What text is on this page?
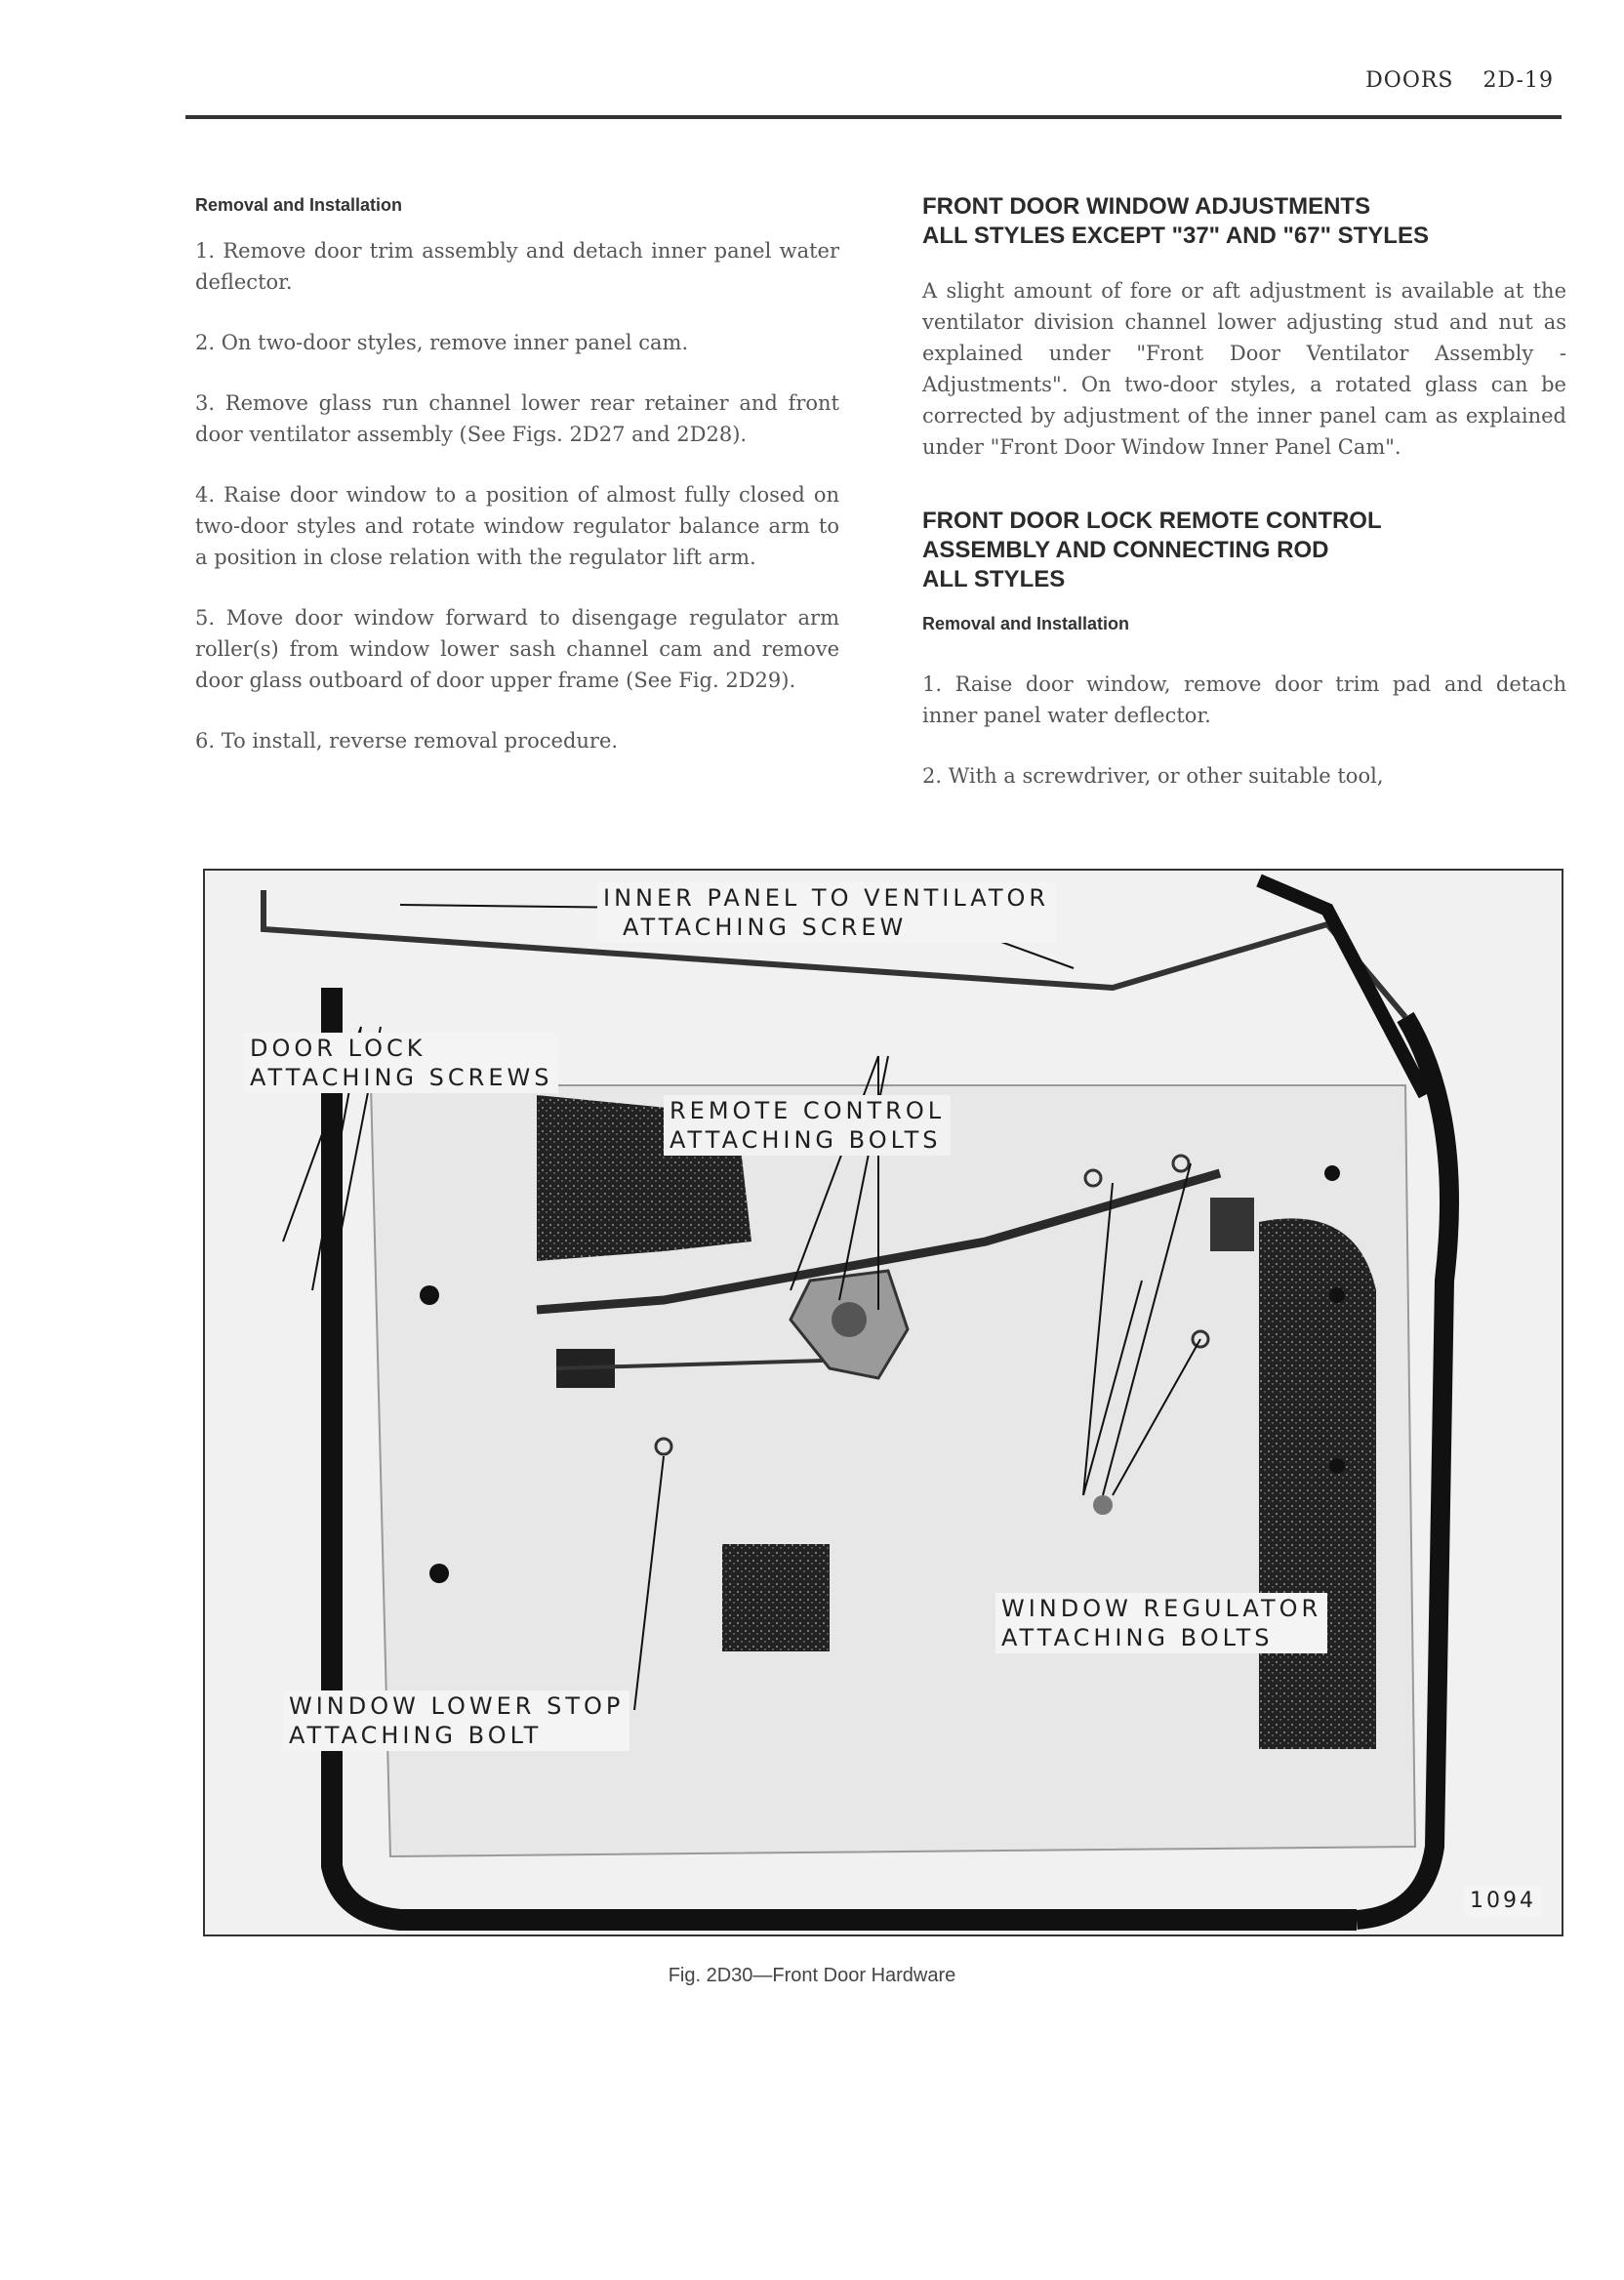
DOORS 2D-19
Removal and Installation

1. Remove door trim assembly and detach inner panel water deflector.

2. On two-door styles, remove inner panel cam.

3. Remove glass run channel lower rear retainer and front door ventilator assembly (See Figs. 2D27 and 2D28).

4. Raise door window to a position of almost fully closed on two-door styles and rotate window regulator balance arm to a position in close relation with the regulator lift arm.

5. Move door window forward to disengage regulator arm roller(s) from window lower sash channel cam and remove door glass outboard of door upper frame (See Fig. 2D29).

6. To install, reverse removal procedure.

FRONT DOOR WINDOW ADJUSTMENTS
ALL STYLES EXCEPT "37" AND "67" STYLES

A slight amount of fore or aft adjustment is available at the ventilator division channel lower adjusting stud and nut as explained under "Front Door Ventilator Assembly - Adjustments". On two-door styles, a rotated glass can be corrected by adjustment of the inner panel cam as explained under "Front Door Window Inner Panel Cam".

FRONT DOOR LOCK REMOTE CONTROL
ASSEMBLY AND CONNECTING ROD
ALL STYLES
Removal and Installation

1. Raise door window, remove door trim pad and detach inner panel water deflector.

2. With a screwdriver, or other suitable tool,

INNER PANEL TO VENTILATOR
ATTACHING SCREW
DOOR LOCK
ATTACHING SCREWS
REMOTE CONTROL
ATTACHING BOLTS
WINDOW REGULATOR
ATTACHING BOLTS
WINDOW LOWER STOP
ATTACHING BOLT
1094
Fig. 2D30—Front Door Hardware
